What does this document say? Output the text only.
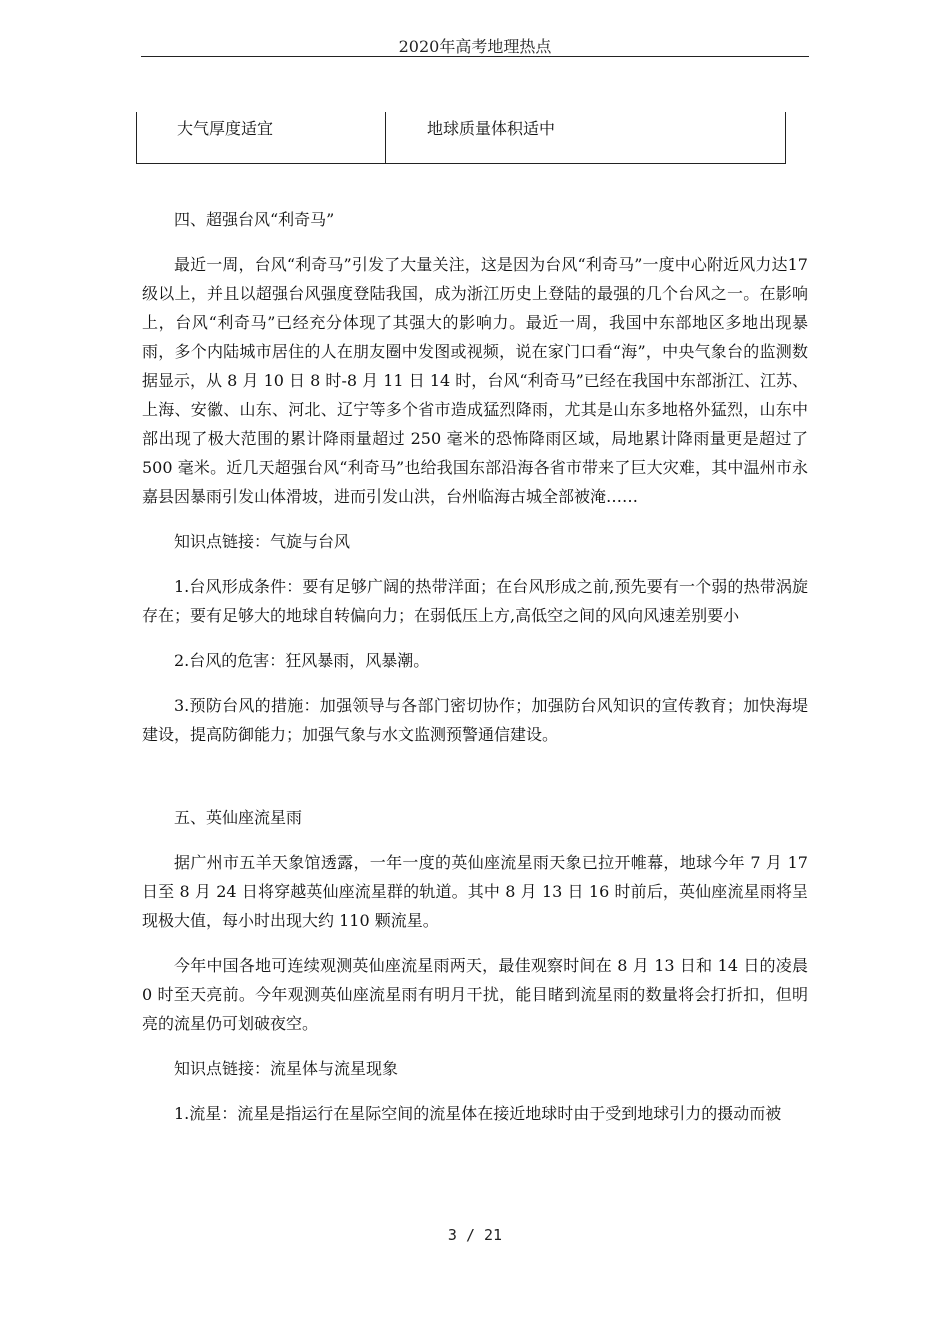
2020年高考地理热点
大气厚度适宜	地球质量体积适中

四、超强台风“利奇马”

最近一周，台风“利奇马”引发了大量关注，这是因为台风“利奇马”一度中心附近风力达17 级以上，并且以超强台风强度登陆我国，成为浙江历史上登陆的最强的几个台风之一。在影响上，台风“利奇马”已经充分体现了其强大的影响力。最近一周，我国中东部地区多地出现暴雨，多个内陆城市居住的人在朋友圈中发图或视频，说在家门口看“海”，中央气象台的监测数据显示，从 8 月 10 日 8 时-8 月 11 日 14 时，台风“利奇马”已经在我国中东部浙江、江苏、上海、安徽、山东、河北、辽宁等多个省市造成猛烈降雨，尤其是山东多地格外猛烈，山东中部出现了极大范围的累计降雨量超过 250 毫米的恐怖降雨区域，局地累计降雨量更是超过了 500 毫米。近几天超强台风“利奇马”也给我国东部沿海各省市带来了巨大灾难，其中温州市永嘉县因暴雨引发山体滑坡，进而引发山洪，台州临海古城全部被淹……

知识点链接：气旋与台风

1.台风形成条件：要有足够广阔的热带洋面；在台风形成之前,预先要有一个弱的热带涡旋存在；要有足够大的地球自转偏向力；在弱低压上方,高低空之间的风向风速差别要小

2.台风的危害：狂风暴雨，风暴潮。

3.预防台风的措施：加强领导与各部门密切协作；加强防台风知识的宣传教育；加快海堤建设，提高防御能力；加强气象与水文监测预警通信建设。

五、英仙座流星雨

据广州市五羊天象馆透露，一年一度的英仙座流星雨天象已拉开帷幕，地球今年 7 月 17 日至 8 月 24 日将穿越英仙座流星群的轨道。其中 8 月 13 日 16 时前后，英仙座流星雨将呈现极大值，每小时出现大约 110 颗流星。

今年中国各地可连续观测英仙座流星雨两天，最佳观察时间在 8 月 13 日和 14 日的凌晨 0 时至天亮前。今年观测英仙座流星雨有明月干扰，能目睹到流星雨的数量将会打折扣，但明亮的流星仍可划破夜空。

知识点链接：流星体与流星现象

1.流星：流星是指运行在星际空间的流星体在接近地球时由于受到地球引力的摄动而被

3 / 21
